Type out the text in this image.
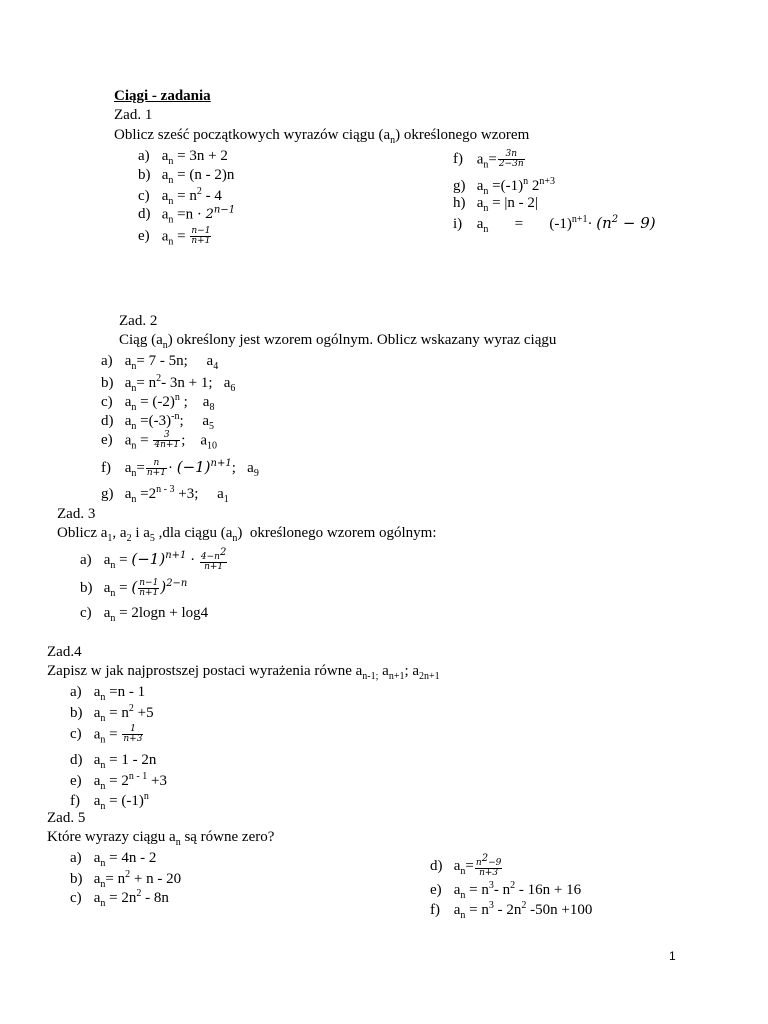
Ciągi - zadania
Zad. 1
Oblicz sześć początkowych wyrazów ciągu $(a_n)$ określonego wzorem
a) $a_n = 3n + 2$
b) $a_n = (n - 2)n$
c) $a_n = n^2 - 4$
d) $a_n =n \cdot 2^{n-1}$
e) $a_n = \frac{n-1}{n+1}$
f) $a_n= \frac{3n}{2-3n}$
g) $a_n =(-1)^n$ $2^{n+3}$
h) $a_n = |n - 2|$
i) $a_n$       =       $(-1)^{n+1}\cdot (n^2 - 9)$
Zad. 2
Ciąg $(a_n)$ określony jest wzorem ogólnym. Oblicz wskazany wyraz ciągu
a) $a_n= 7 - 5n$;     $a_4$
b) $a_n= n^2-$ 3n + 1;   $a_6$
c) $a_n = (-2)^n$ ;    $a_8$
d) $a_n =(-3)^{-n}$;     $a_5$
e) $a_n = \frac{3}{4n+1}$ ;    $a_{10}$
f) $a_n= \frac{n}{n+1} \cdot (-1)^{n+1}$;   $a_9$
g) $a_n =2^{n - 3} +3$;     $a_1$
Zad. 3
Oblicz $a_1$, $a_2$ i $a_5$ ,dla ciągu $(a_n)$  określonego wzorem ogólnym:
a) $a_n = (-1)^{n+1} \cdot \frac{4-n^2}{n+1}$
b) $a_n$ = ( $\frac{n-1}{n+1} )^{2-n}$
c) $a_n = 2\log n + \log 4$
Zad.4
Zapisz w jak najprostszej postaci wyrażenia równe $a_{n-1;}$ $a_{n+1}$; $a_{2n+1}$
a) $a_n =n - 1$
b) $a_n = n^2 +5$
c) $a_n = \frac{1}{n+3}$
d) $a_n = 1 - 2n$
e) $a_n = 2^{n - 1} +3$
f) $a_n = (-1)^n$
Zad. 5
Które wyrazy ciągu $a_n$ są równe zero?
a) $a_n = 4n - 2$
b) $a_n= n^2 + n - 20$
c) $a_n = 2n^2 - 8n$
d) $a_n= \frac{n^2-9}{n+3}$
e) $a_n = n^3-$ $n^2 - 16n + 16$
f) $a_n = n^3 - 2n^2$ -50n +100
1
